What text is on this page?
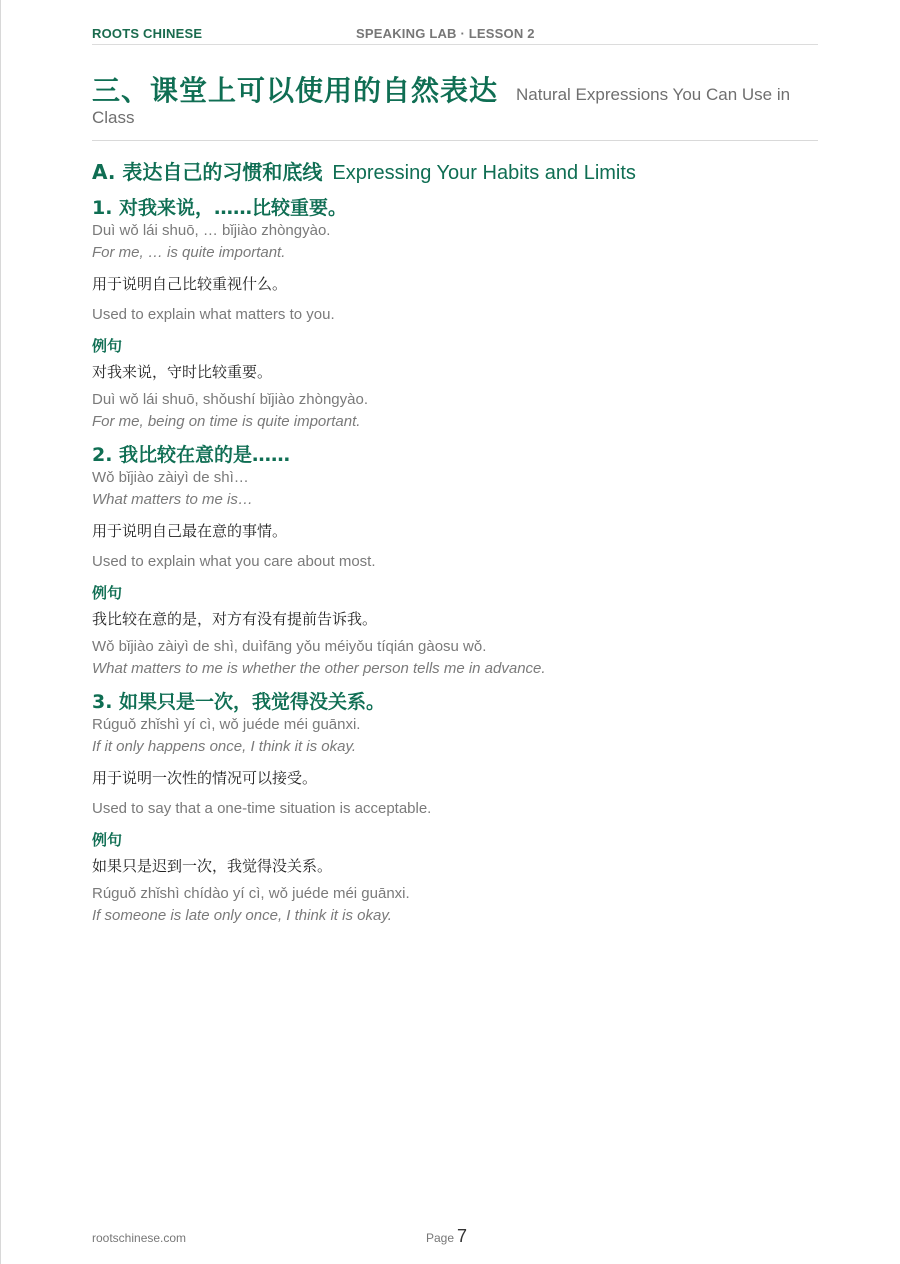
ROOTS CHINESE	SPEAKING LAB · LESSON 2
三、课堂上可以使用的自然表达 Natural Expressions You Can Use in Class
A. 表达自己的习惯和底线 Expressing Your Habits and Limits
1. 对我来说，……比较重要。
Duì wǒ lái shuō, … bǐjiào zhòngyào.
For me, … is quite important.
用于说明自己比较重视什么。
Used to explain what matters to you.
例句
对我来说，守时比较重要。
Duì wǒ lái shuō, shǒushí bǐjiào zhòngyào.
For me, being on time is quite important.
2. 我比较在意的是……
Wǒ bǐjiào zàiyì de shì…
What matters to me is…
用于说明自己最在意的事情。
Used to explain what you care about most.
例句
我比较在意的是，对方有没有提前告诉我。
Wǒ bǐjiào zàiyì de shì, duìfāng yǒu méiyǒu tíqián gàosu wǒ.
What matters to me is whether the other person tells me in advance.
3. 如果只是一次，我觉得没关系。
Rúguǒ zhǐshì yí cì, wǒ juéde méi guānxi.
If it only happens once, I think it is okay.
用于说明一次性的情况可以接受。
Used to say that a one-time situation is acceptable.
例句
如果只是迟到一次，我觉得没关系。
Rúguǒ zhǐshì chídào yí cì, wǒ juéde méi guānxi.
If someone is late only once, I think it is okay.
rootschinese.com	Page 7
